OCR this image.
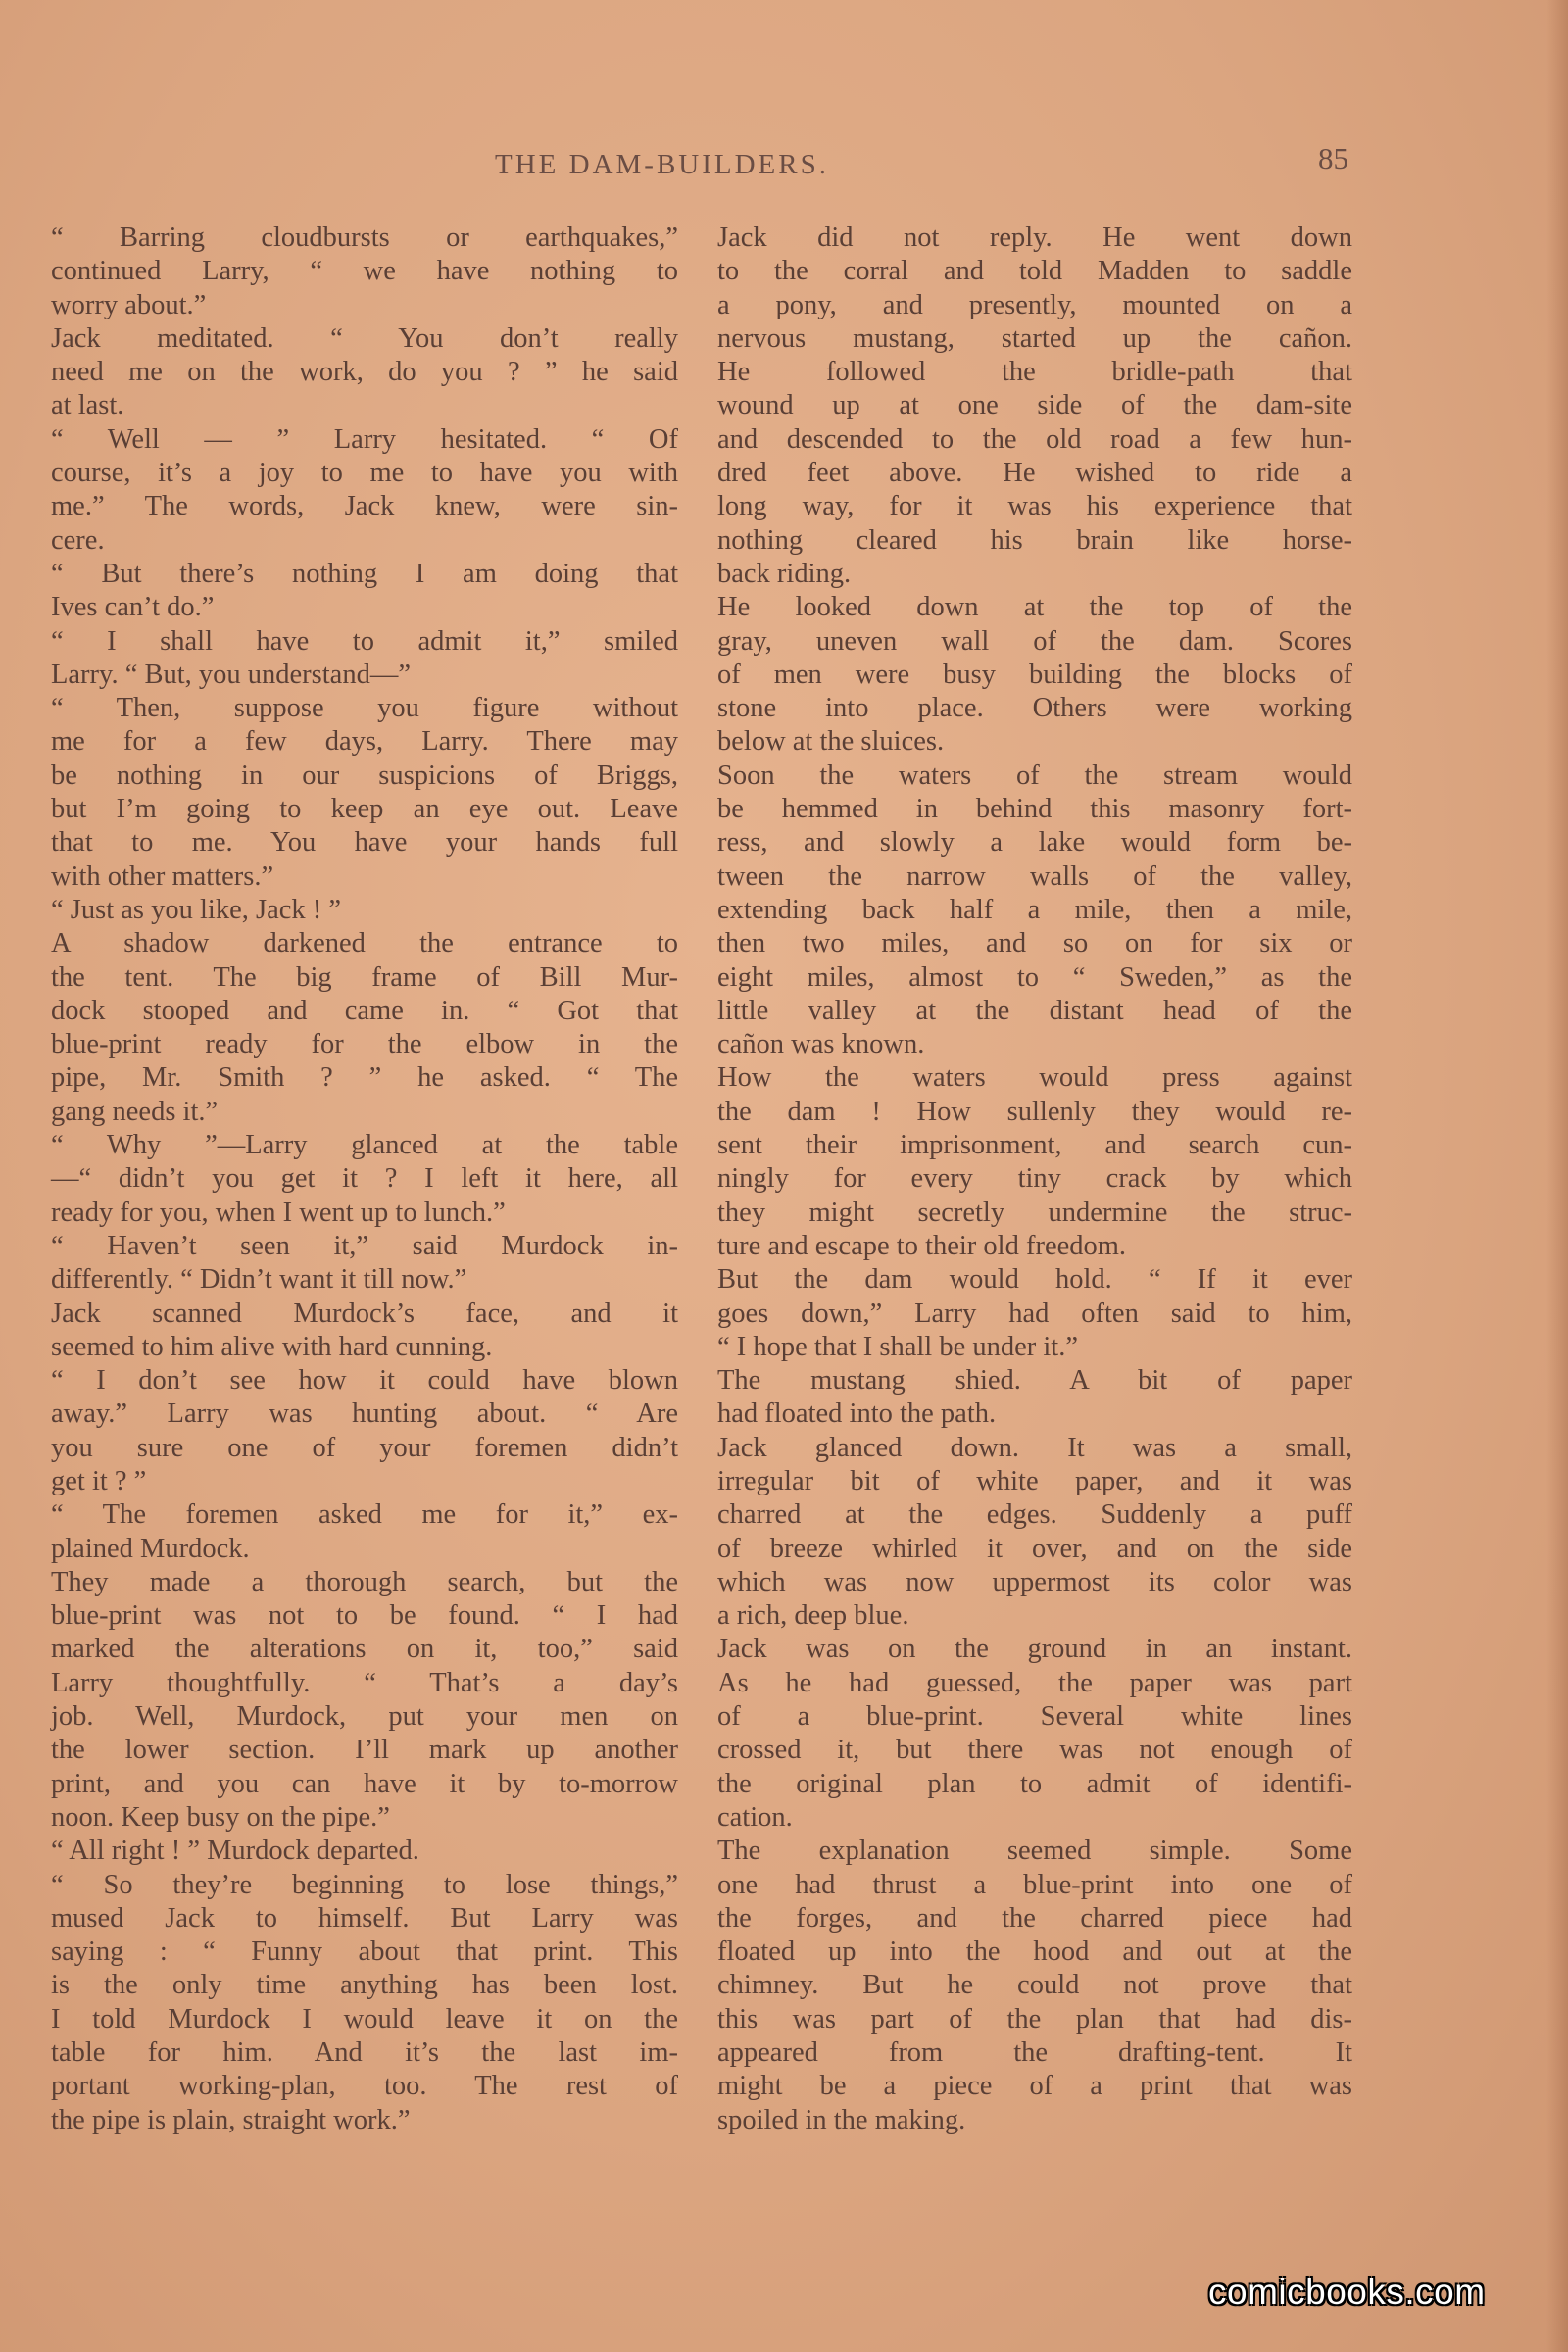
THE DAM-BUILDERS.	85
“ Barring cloudbursts or earthquakes,”
continued Larry, “ we have nothing to
worry about.”
Jack meditated. “ You don’t really
need me on the work, do you ? ” he said
at last.
“ Well — ” Larry hesitated. “ Of
course, it’s a joy to me to have you with
me.” The words, Jack knew, were sin-
cere.
“ But there’s nothing I am doing that
Ives can’t do.”
“ I shall have to admit it,” smiled
Larry. “ But, you understand—”
“ Then, suppose you figure without
me for a few days, Larry. There may
be nothing in our suspicions of Briggs,
but I’m going to keep an eye out. Leave
that to me. You have your hands full
with other matters.”
“ Just as you like, Jack ! ”
A shadow darkened the entrance to
the tent. The big frame of Bill Mur-
dock stooped and came in. “ Got that
blue-print ready for the elbow in the
pipe, Mr. Smith ? ” he asked. “ The
gang needs it.”
“ Why ”—Larry glanced at the table
—“ didn’t you get it ? I left it here, all
ready for you, when I went up to lunch.”
“ Haven’t seen it,” said Murdock in-
differently. “ Didn’t want it till now.”
Jack scanned Murdock’s face, and it
seemed to him alive with hard cunning.
“ I don’t see how it could have blown
away.” Larry was hunting about. “ Are
you sure one of your foremen didn’t
get it ? ”
“ The foremen asked me for it,” ex-
plained Murdock.
They made a thorough search, but the
blue-print was not to be found. “ I had
marked the alterations on it, too,” said
Larry thoughtfully. “ That’s a day’s
job. Well, Murdock, put your men on
the lower section. I’ll mark up another
print, and you can have it by to-morrow
noon. Keep busy on the pipe.”
“ All right ! ” Murdock departed.
“ So they’re beginning to lose things,”
mused Jack to himself. But Larry was
saying : “ Funny about that print. This
is the only time anything has been lost.
I told Murdock I would leave it on the
table for him. And it’s the last im-
portant working-plan, too. The rest of
the pipe is plain, straight work.”
Jack did not reply. He went down
to the corral and told Madden to saddle
a pony, and presently, mounted on a
nervous mustang, started up the cañon.
He followed the bridle-path that
wound up at one side of the dam-site
and descended to the old road a few hun-
dred feet above. He wished to ride a
long way, for it was his experience that
nothing cleared his brain like horse-
back riding.
He looked down at the top of the
gray, uneven wall of the dam. Scores
of men were busy building the blocks of
stone into place. Others were working
below at the sluices.
Soon the waters of the stream would
be hemmed in behind this masonry fort-
ress, and slowly a lake would form be-
tween the narrow walls of the valley,
extending back half a mile, then a mile,
then two miles, and so on for six or
eight miles, almost to “ Sweden,” as the
little valley at the distant head of the
cañon was known.
How the waters would press against
the dam ! How sullenly they would re-
sent their imprisonment, and search cun-
ningly for every tiny crack by which
they might secretly undermine the struc-
ture and escape to their old freedom.
But the dam would hold. “ If it ever
goes down,” Larry had often said to him,
“ I hope that I shall be under it.”
The mustang shied. A bit of paper
had floated into the path.
Jack glanced down. It was a small,
irregular bit of white paper, and it was
charred at the edges. Suddenly a puff
of breeze whirled it over, and on the side
which was now uppermost its color was
a rich, deep blue.
Jack was on the ground in an instant.
As he had guessed, the paper was part
of a blue-print. Several white lines
crossed it, but there was not enough of
the original plan to admit of identifi-
cation.
The explanation seemed simple. Some
one had thrust a blue-print into one of
the forges, and the charred piece had
floated up into the hood and out at the
chimney. But he could not prove that
this was part of the plan that had dis-
appeared from the drafting-tent. It
might be a piece of a print that was
spoiled in the making.
comicbooks.com
